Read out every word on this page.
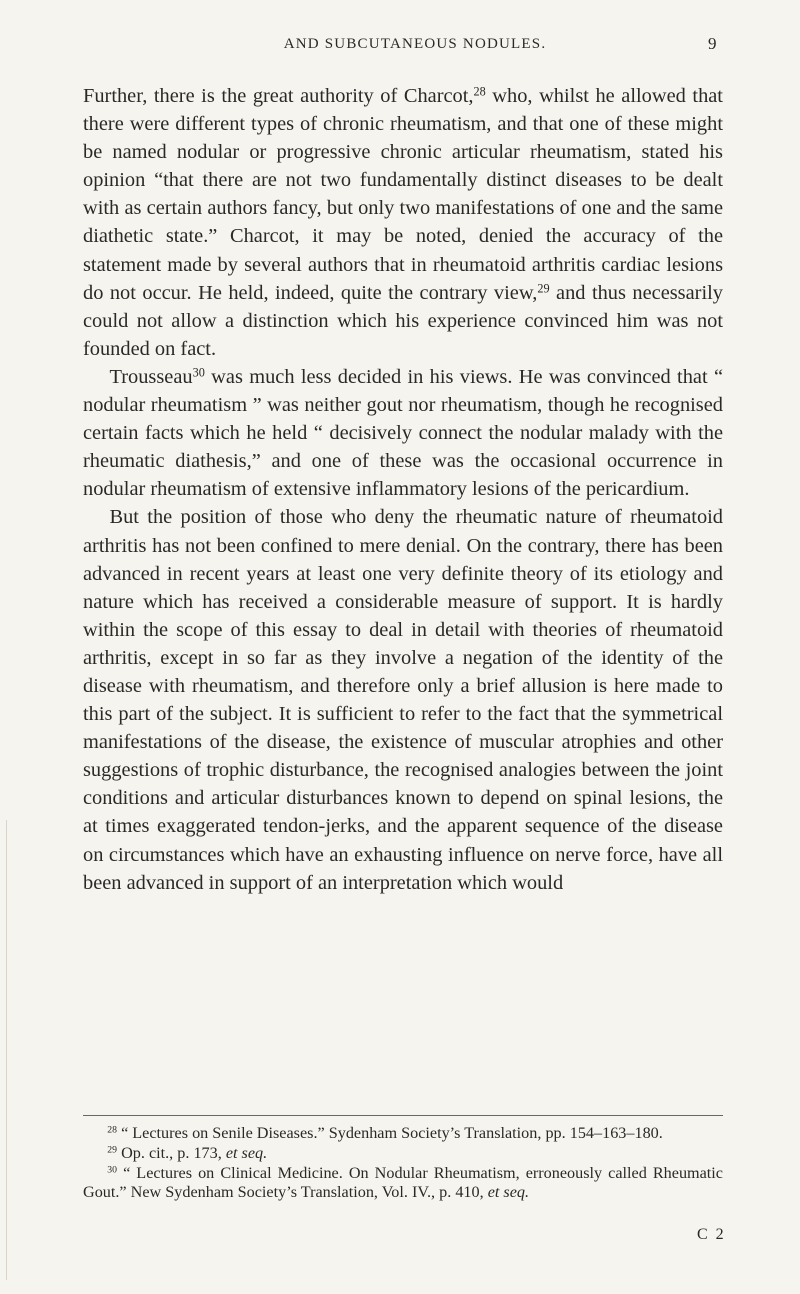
AND SUBCUTANEOUS NODULES.	9

Further, there is the great authority of Charcot,$^{28}$ who, whilst he allowed that there were different types of chronic rheumatism, and that one of these might be named nodular or progressive chronic articular rheumatism, stated his opinion “that there are not two fundamentally distinct diseases to be dealt with as certain authors fancy, but only two manifestations of one and the same diathetic state.” Charcot, it may be noted, denied the accuracy of the statement made by several authors that in rheumatoid arthritis cardiac lesions do not occur. He held, indeed, quite the contrary view,$^{29}$ and thus necessarily could not allow a distinction which his experience convinced him was not founded on fact.

Trousseau$^{30}$ was much less decided in his views. He was convinced that “ nodular rheumatism ” was neither gout nor rheumatism, though he recognised certain facts which he held “ decisively connect the nodular malady with the rheumatic diathesis,” and one of these was the occasional occurrence in nodular rheumatism of extensive inflammatory lesions of the pericardium.

But the position of those who deny the rheumatic nature of rheumatoid arthritis has not been confined to mere denial. On the contrary, there has been advanced in recent years at least one very definite theory of its etiology and nature which has received a considerable measure of support. It is hardly within the scope of this essay to deal in detail with theories of rheumatoid arthritis, except in so far as they involve a negation of the identity of the disease with rheumatism, and therefore only a brief allusion is here made to this part of the subject. It is sufficient to refer to the fact that the symmetrical manifestations of the disease, the existence of muscular atrophies and other suggestions of trophic disturbance, the recognised analogies between the joint conditions and articular disturbances known to depend on spinal lesions, the at times exaggerated tendon-jerks, and the apparent sequence of the disease on circumstances which have an exhausting influence on nerve force, have all been advanced in support of an interpretation which would

$^{28}$ “ Lectures on Senile Diseases.” Sydenham Society’s Translation, pp. 154–163–180.

$^{29}$ Op. cit., p. 173, et seq.

$^{30}$ “ Lectures on Clinical Medicine. On Nodular Rheumatism, erroneously called Rheumatic Gout.” New Sydenham Society’s Translation, Vol. IV., p. 410, et seq.

C 2
